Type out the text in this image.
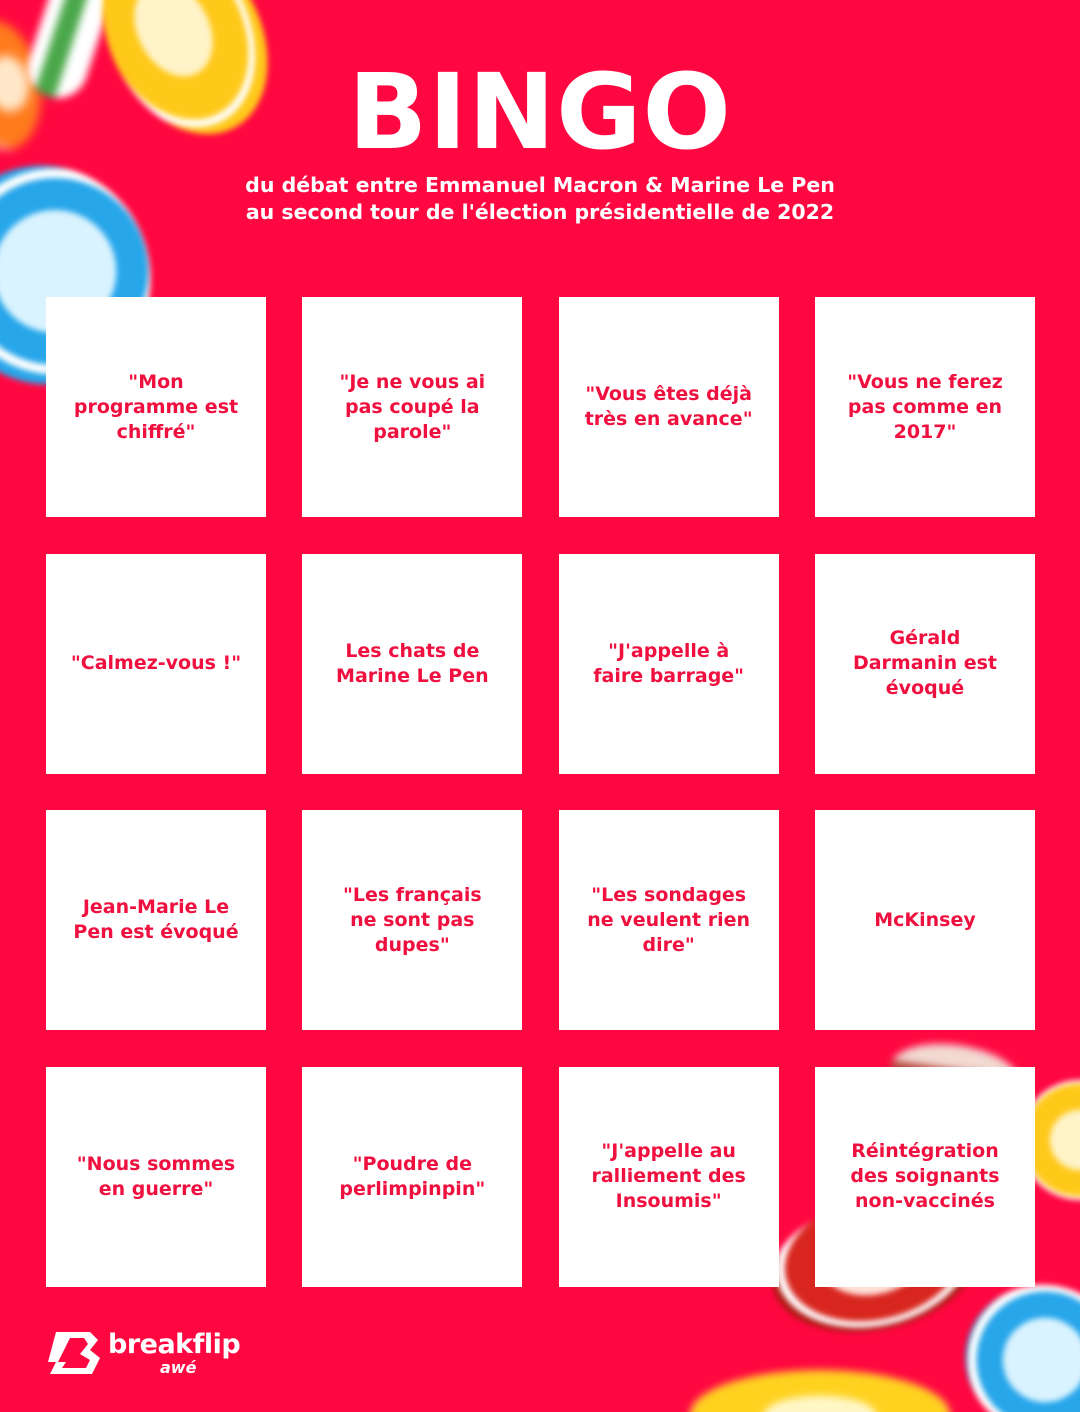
BINGO
du débat entre Emmanuel Macron & Marine Le Pen
au second tour de l'élection présidentielle de 2022
"Mon
programme est
chiffré"
"Je ne vous ai
pas coupé la
parole"
"Vous êtes déjà
très en avance"
"Vous ne ferez
pas comme en
2017"
"Calmez-vous !"
Les chats de
Marine Le Pen
"J'appelle à
faire barrage"
Gérald
Darmanin est
évoqué
Jean-Marie Le
Pen est évoqué
"Les français
ne sont pas
dupes"
"Les sondages
ne veulent rien
dire"
McKinsey
"Nous sommes
en guerre"
"Poudre de
perlimpinpin"
"J'appelle au
ralliement des
Insoumis"
Réintégration
des soignants
non-vaccinés
breakflip
awé
